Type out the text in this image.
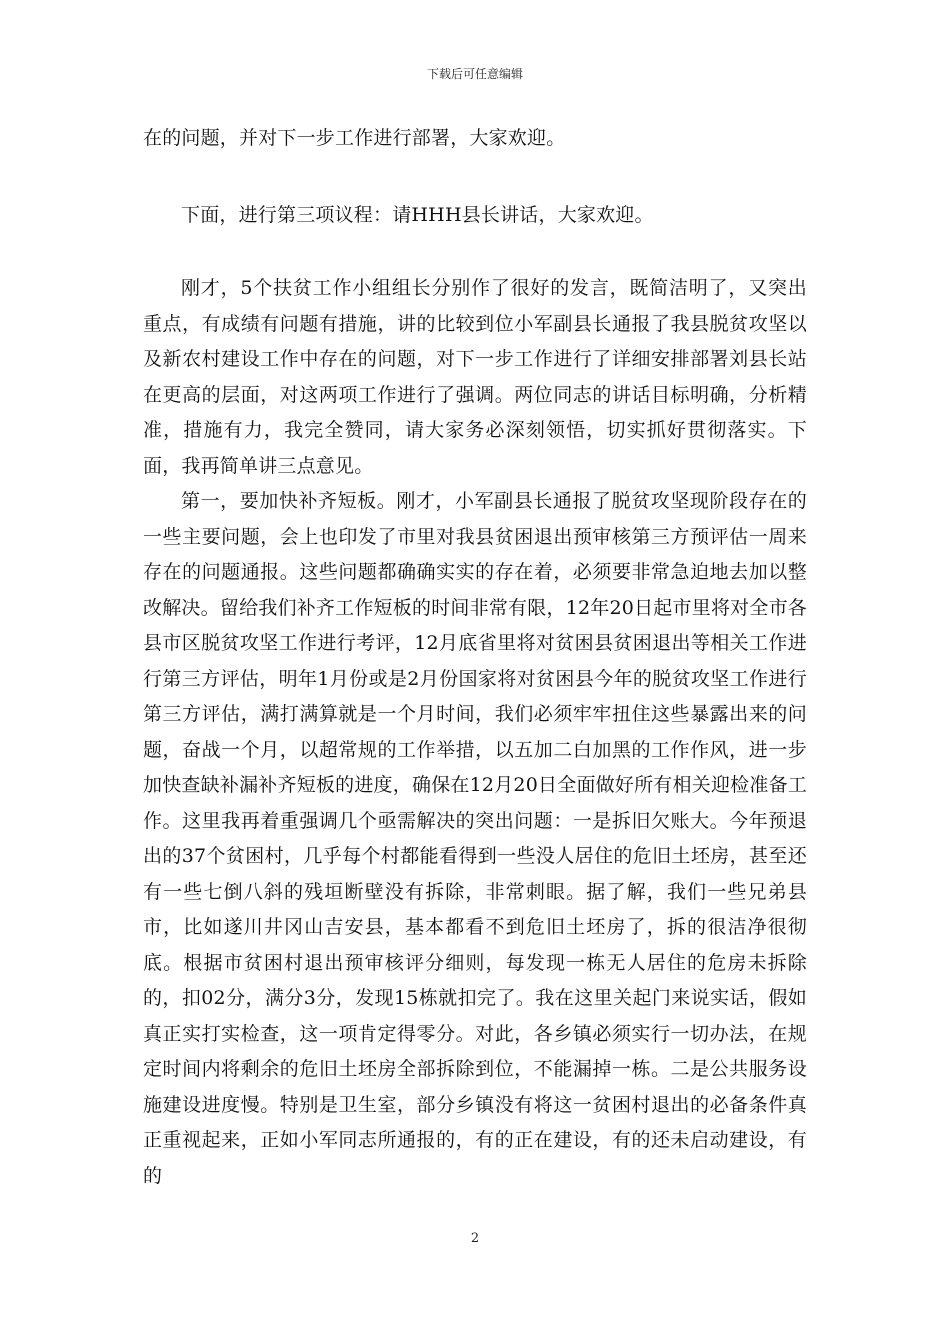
下载后可任意编辑

在的问题，并对下一步工作进行部署，大家欢迎。

下面，进行第三项议程：请HHH县长讲话，大家欢迎。

刚才，5个扶贫工作小组组长分别作了很好的发言，既简洁明了，又突出重点，有成绩有问题有措施，讲的比较到位小军副县长通报了我县脱贫攻坚以及新农村建设工作中存在的问题，对下一步工作进行了详细安排部署刘县长站在更高的层面，对这两项工作进行了强调。两位同志的讲话目标明确，分析精准，措施有力，我完全赞同，请大家务必深刻领悟，切实抓好贯彻落实。下面，我再简单讲三点意见。

第一，要加快补齐短板。刚才，小军副县长通报了脱贫攻坚现阶段存在的一些主要问题，会上也印发了市里对我县贫困退出预审核第三方预评估一周来存在的问题通报。这些问题都确确实实的存在着，必须要非常急迫地去加以整改解决。留给我们补齐工作短板的时间非常有限，12年20日起市里将对全市各县市区脱贫攻坚工作进行考评，12月底省里将对贫困县贫困退出等相关工作进行第三方评估，明年1月份或是2月份国家将对贫困县今年的脱贫攻坚工作进行第三方评估，满打满算就是一个月时间，我们必须牢牢扭住这些暴露出来的问题，奋战一个月，以超常规的工作举措，以五加二白加黑的工作作风，进一步加快查缺补漏补齐短板的进度，确保在12月20日全面做好所有相关迎检准备工作。这里我再着重强调几个亟需解决的突出问题：一是拆旧欠账大。今年预退出的37个贫困村，几乎每个村都能看得到一些没人居住的危旧土坯房，甚至还有一些七倒八斜的残垣断壁没有拆除，非常刺眼。据了解，我们一些兄弟县市，比如遂川井冈山吉安县，基本都看不到危旧土坯房了，拆的很洁净很彻底。根据市贫困村退出预审核评分细则，每发现一栋无人居住的危房未拆除的，扣02分，满分3分，发现15栋就扣完了。我在这里关起门来说实话，假如真正实打实检查，这一项肯定得零分。对此，各乡镇必须实行一切办法，在规定时间内将剩余的危旧土坯房全部拆除到位，不能漏掉一栋。二是公共服务设施建设进度慢。特别是卫生室，部分乡镇没有将这一贫困村退出的必备条件真正重视起来，正如小军同志所通报的，有的正在建设，有的还未启动建设，有的

2
